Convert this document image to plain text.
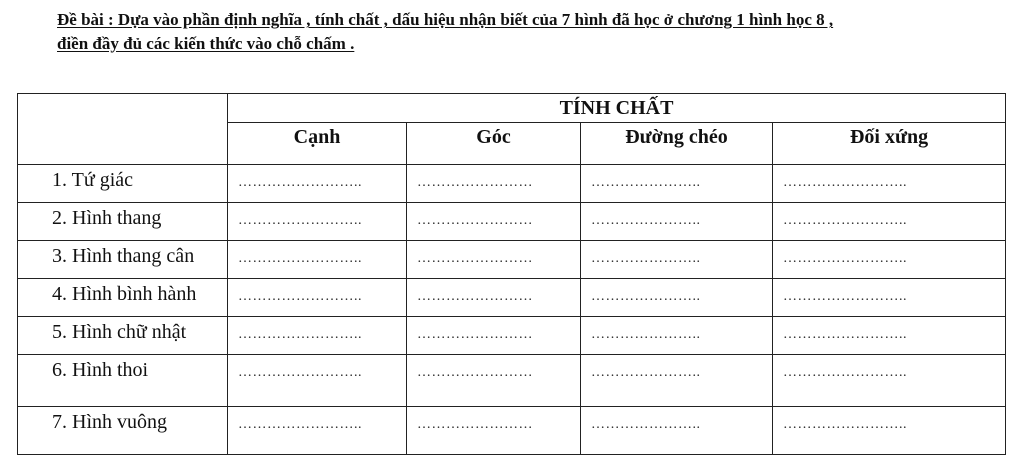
Đề bài : Dựa vào phần định nghĩa , tính chất , dấu hiệu nhận biết của 7 hình đã học ở chương 1 hình học 8 ,
điền đầy đủ các kiến thức vào chỗ chấm .
	TÍNH CHẤT			
	Cạnh	Góc	Đường chéo	Đối xứng
1. Tứ giác	……………………..	……………………	…………………..	……………………..
2. Hình thang	……………………..	……………………	…………………..	……………………..
3. Hình thang cân	……………………..	……………………	…………………..	……………………..
4. Hình bình hành	……………………..	……………………	…………………..	……………………..
5. Hình chữ nhật	……………………..	……………………	…………………..	……………………..
6. Hình thoi	……………………..	……………………	…………………..	……………………..
7. Hình vuông	……………………..	……………………	…………………..	……………………..
